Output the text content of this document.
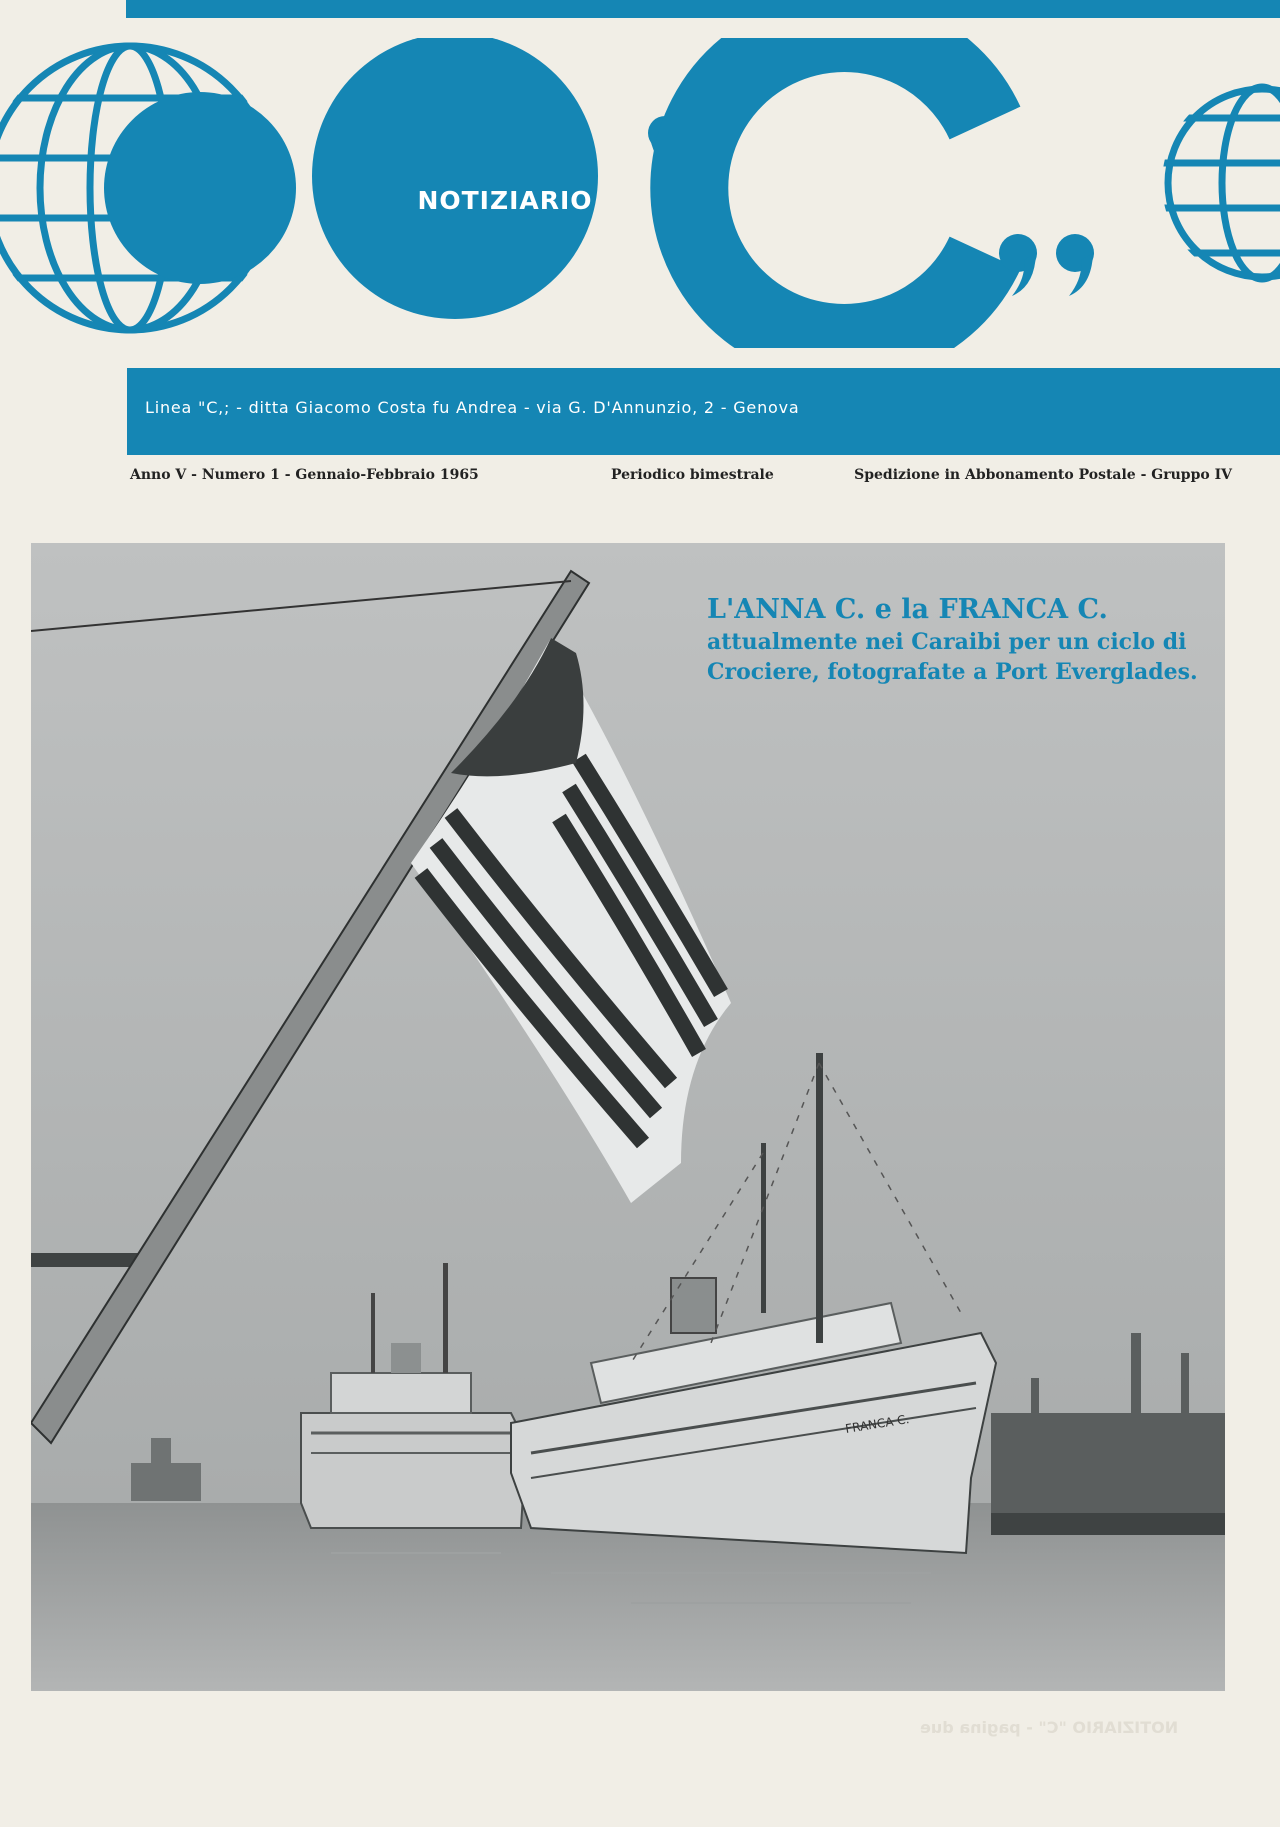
NOTIZIARIO
Linea "C,; - ditta Giacomo Costa fu Andrea - via G. D'Annunzio, 2 - Genova
Anno V - Numero 1 - Gennaio-Febbraio 1965	Periodico bimestrale	Spedizione in Abbonamento Postale - Gruppo IV
FRANCA C.
L'ANNA C. e la FRANCA C.
attualmente nei Caraibi per un ciclo di Crociere, fotografate a Port Everglades.
NOTIZIARIO "C" - pagina due
